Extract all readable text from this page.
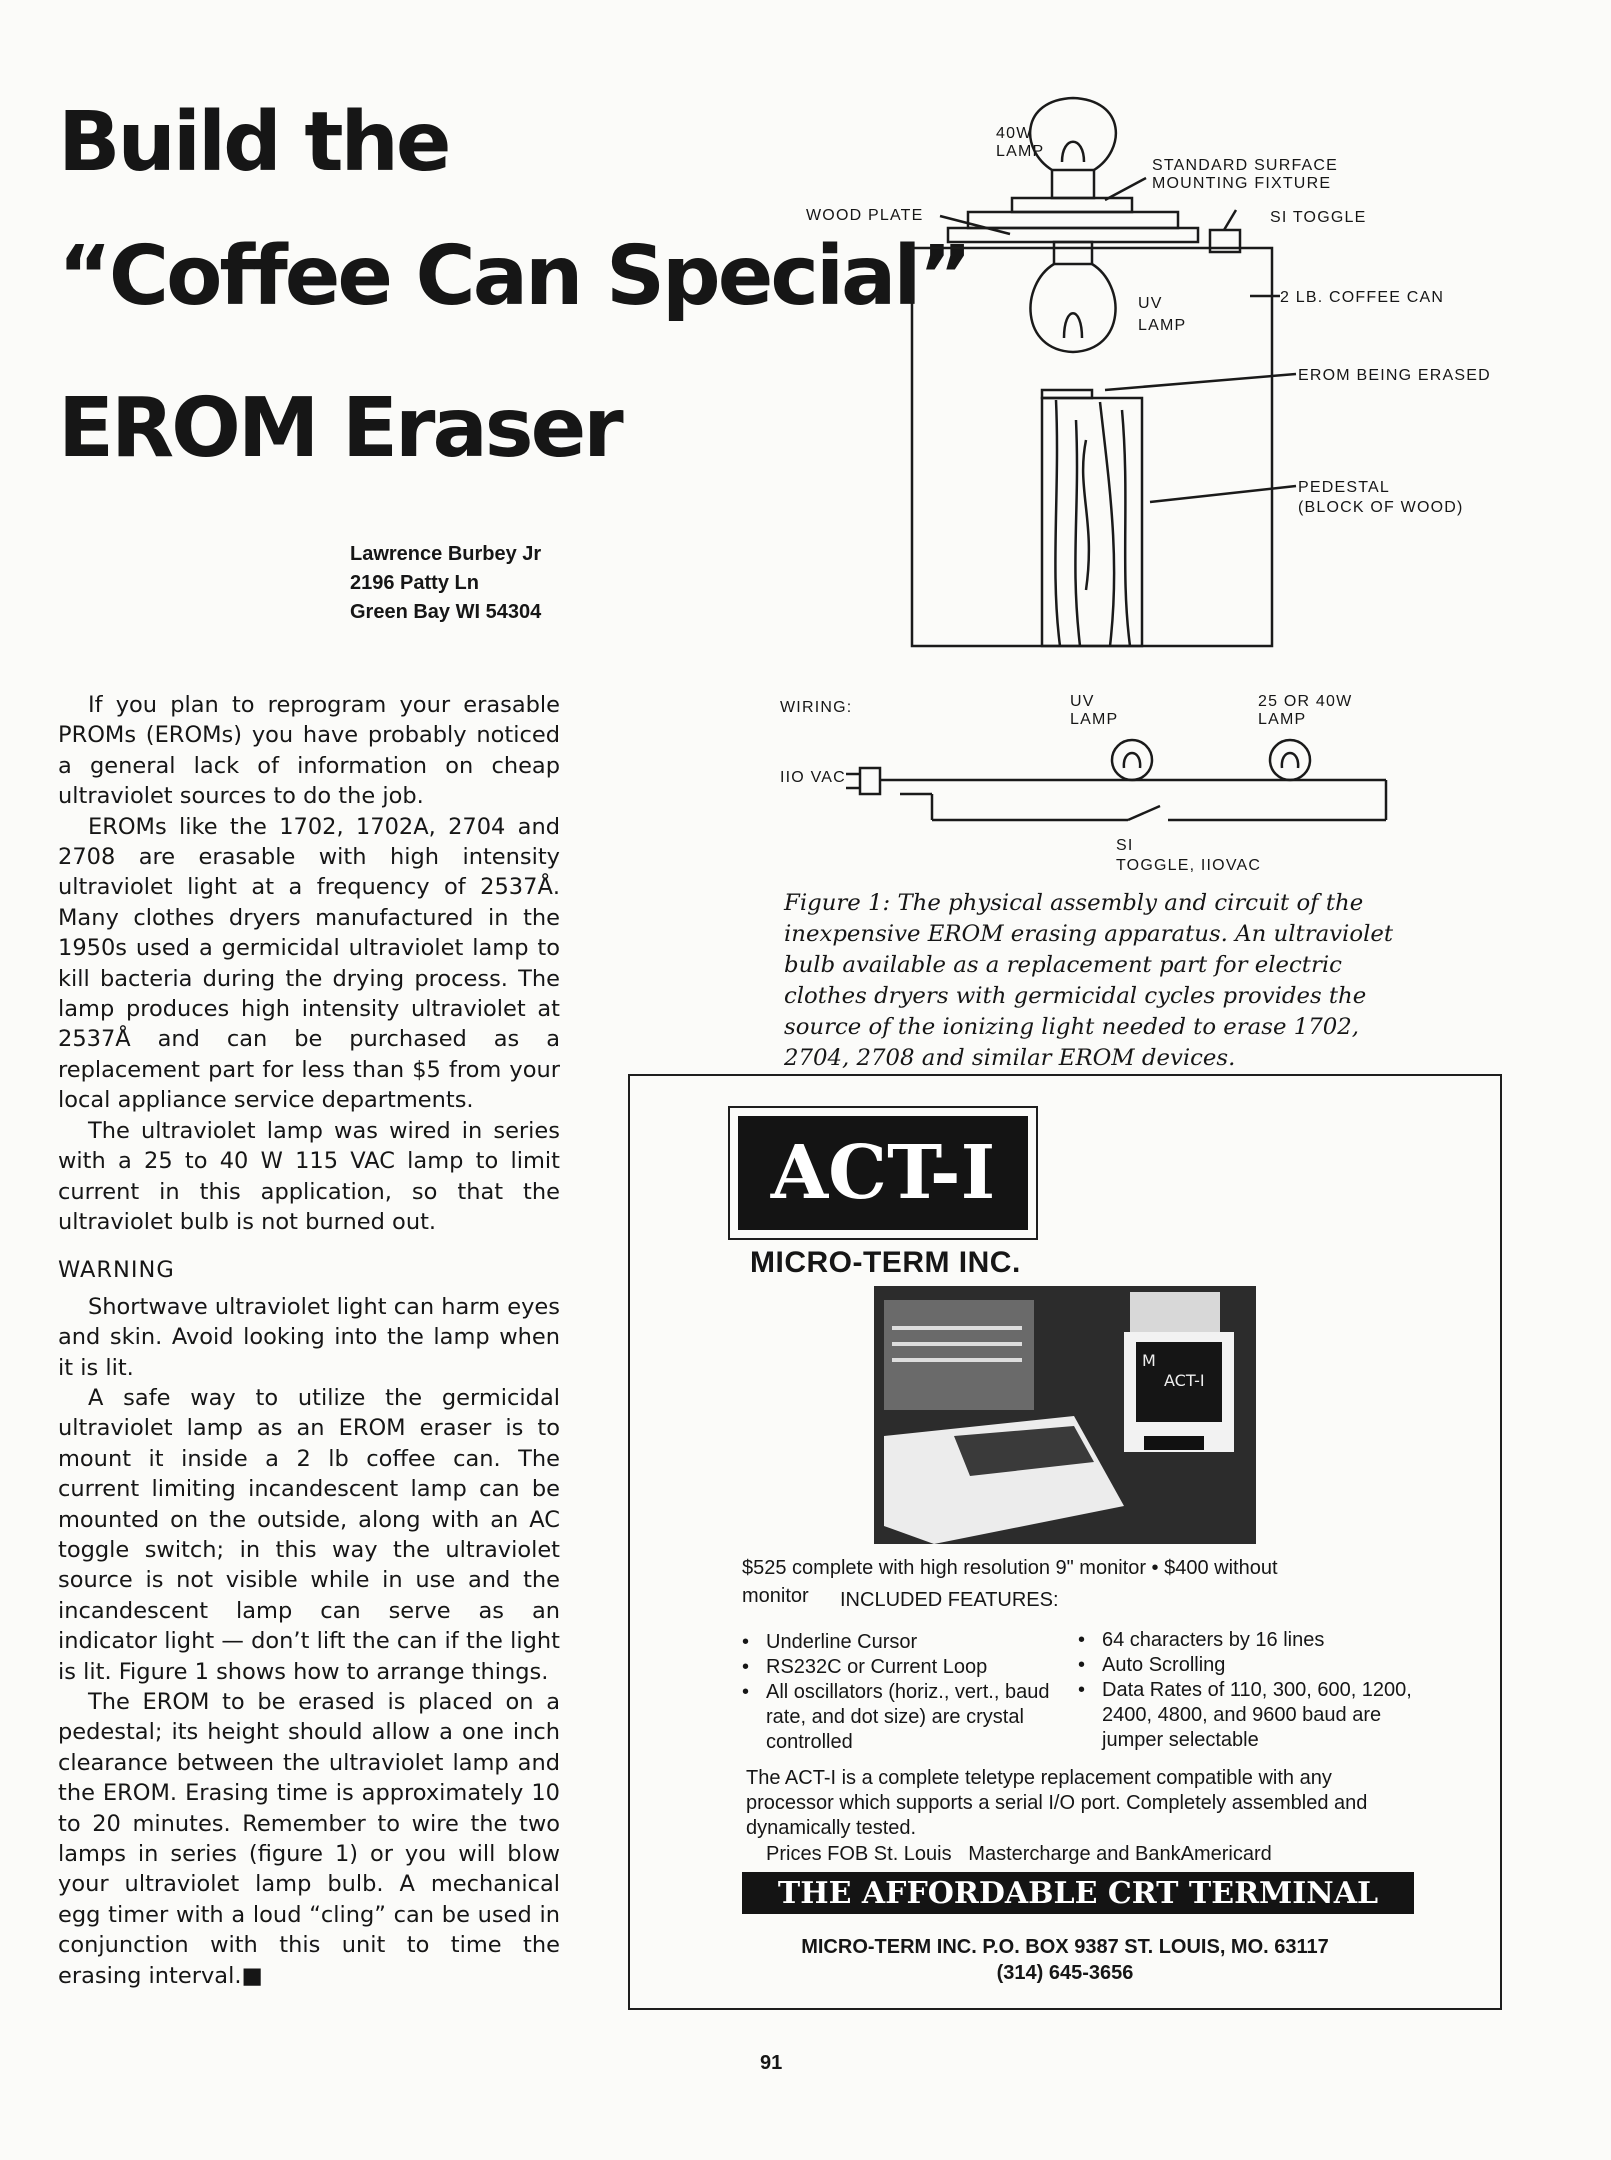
Build the
“Coffee Can Special”
EROM Eraser
Lawrence Burbey Jr
2196 Patty Ln
Green Bay WI 54304

If you plan to reprogram your erasable PROMs (EROMs) you have probably noticed a general lack of information on cheap ultraviolet sources to do the job.

EROMs like the 1702, 1702A, 2704 and 2708 are erasable with high intensity ultraviolet light at a frequency of 2537Å. Many clothes dryers manufactured in the 1950s used a germicidal ultraviolet lamp to kill bacteria during the drying process. The lamp produces high intensity ultraviolet at 2537Å and can be purchased as a replacement part for less than $5 from your local appliance service departments.

The ultraviolet lamp was wired in series with a 25 to 40 W 115 VAC lamp to limit current in this application, so that the ultraviolet bulb is not burned out.

WARNING

Shortwave ultraviolet light can harm eyes and skin. Avoid looking into the lamp when it is lit.

A safe way to utilize the germicidal ultraviolet lamp as an EROM eraser is to mount it inside a 2 lb coffee can. The current limiting incandescent lamp can be mounted on the outside, along with an AC toggle switch; in this way the ultraviolet source is not visible while in use and the incandescent lamp can serve as an indicator light — don’t lift the can if the light is lit. Figure 1 shows how to arrange things.

The EROM to be erased is placed on a pedestal; its height should allow a one inch clearance between the ultraviolet lamp and the EROM. Erasing time is approximately 10 to 20 minutes. Remember to wire the two lamps in series (figure 1) or you will blow your ultraviolet lamp bulb. A mechanical egg timer with a loud “cling” can be used in conjunction with this unit to time the erasing interval.■

40W
LAMP
STANDARD SURFACE
MOUNTING FIXTURE
WOOD PLATE	SI TOGGLE
2 LB. COFFEE CAN
UV
LAMP
EROM BEING ERASED
PEDESTAL
(BLOCK OF WOOD)
WIRING:
IIO VAC
UV
LAMP
25 OR 40W
LAMP
SI
TOGGLE, IIOVAC
Figure 1: The physical assembly and circuit of the inexpensive EROM erasing apparatus. An ultraviolet bulb available as a replacement part for electric clothes dryers with germicidal cycles provides the source of the ionizing light needed to erase 1702, 2704, 2708 and similar EROM devices.
ACT-I
MICRO-TERM INC.
M
ACT-I
$525 complete with high resolution 9" monitor • $400 without
monitor INCLUDED FEATURES:
• Underline Cursor
• RS232C or Current Loop
• All oscillators (horiz., vert., baud rate, and dot size) are crystal controlled
• 64 characters by 16 lines
• Auto Scrolling
• Data Rates of 110, 300, 600, 1200, 2400, 4800, and 9600 baud are jumper selectable
The ACT-I is a complete teletype replacement compatible with any processor which supports a serial I/O port. Completely assembled and dynamically tested.
Prices FOB St. Louis   Mastercharge and BankAmericard
THE AFFORDABLE CRT TERMINAL
MICRO-TERM INC. P.O. BOX 9387 ST. LOUIS, MO. 63117
(314) 645-3656
91
